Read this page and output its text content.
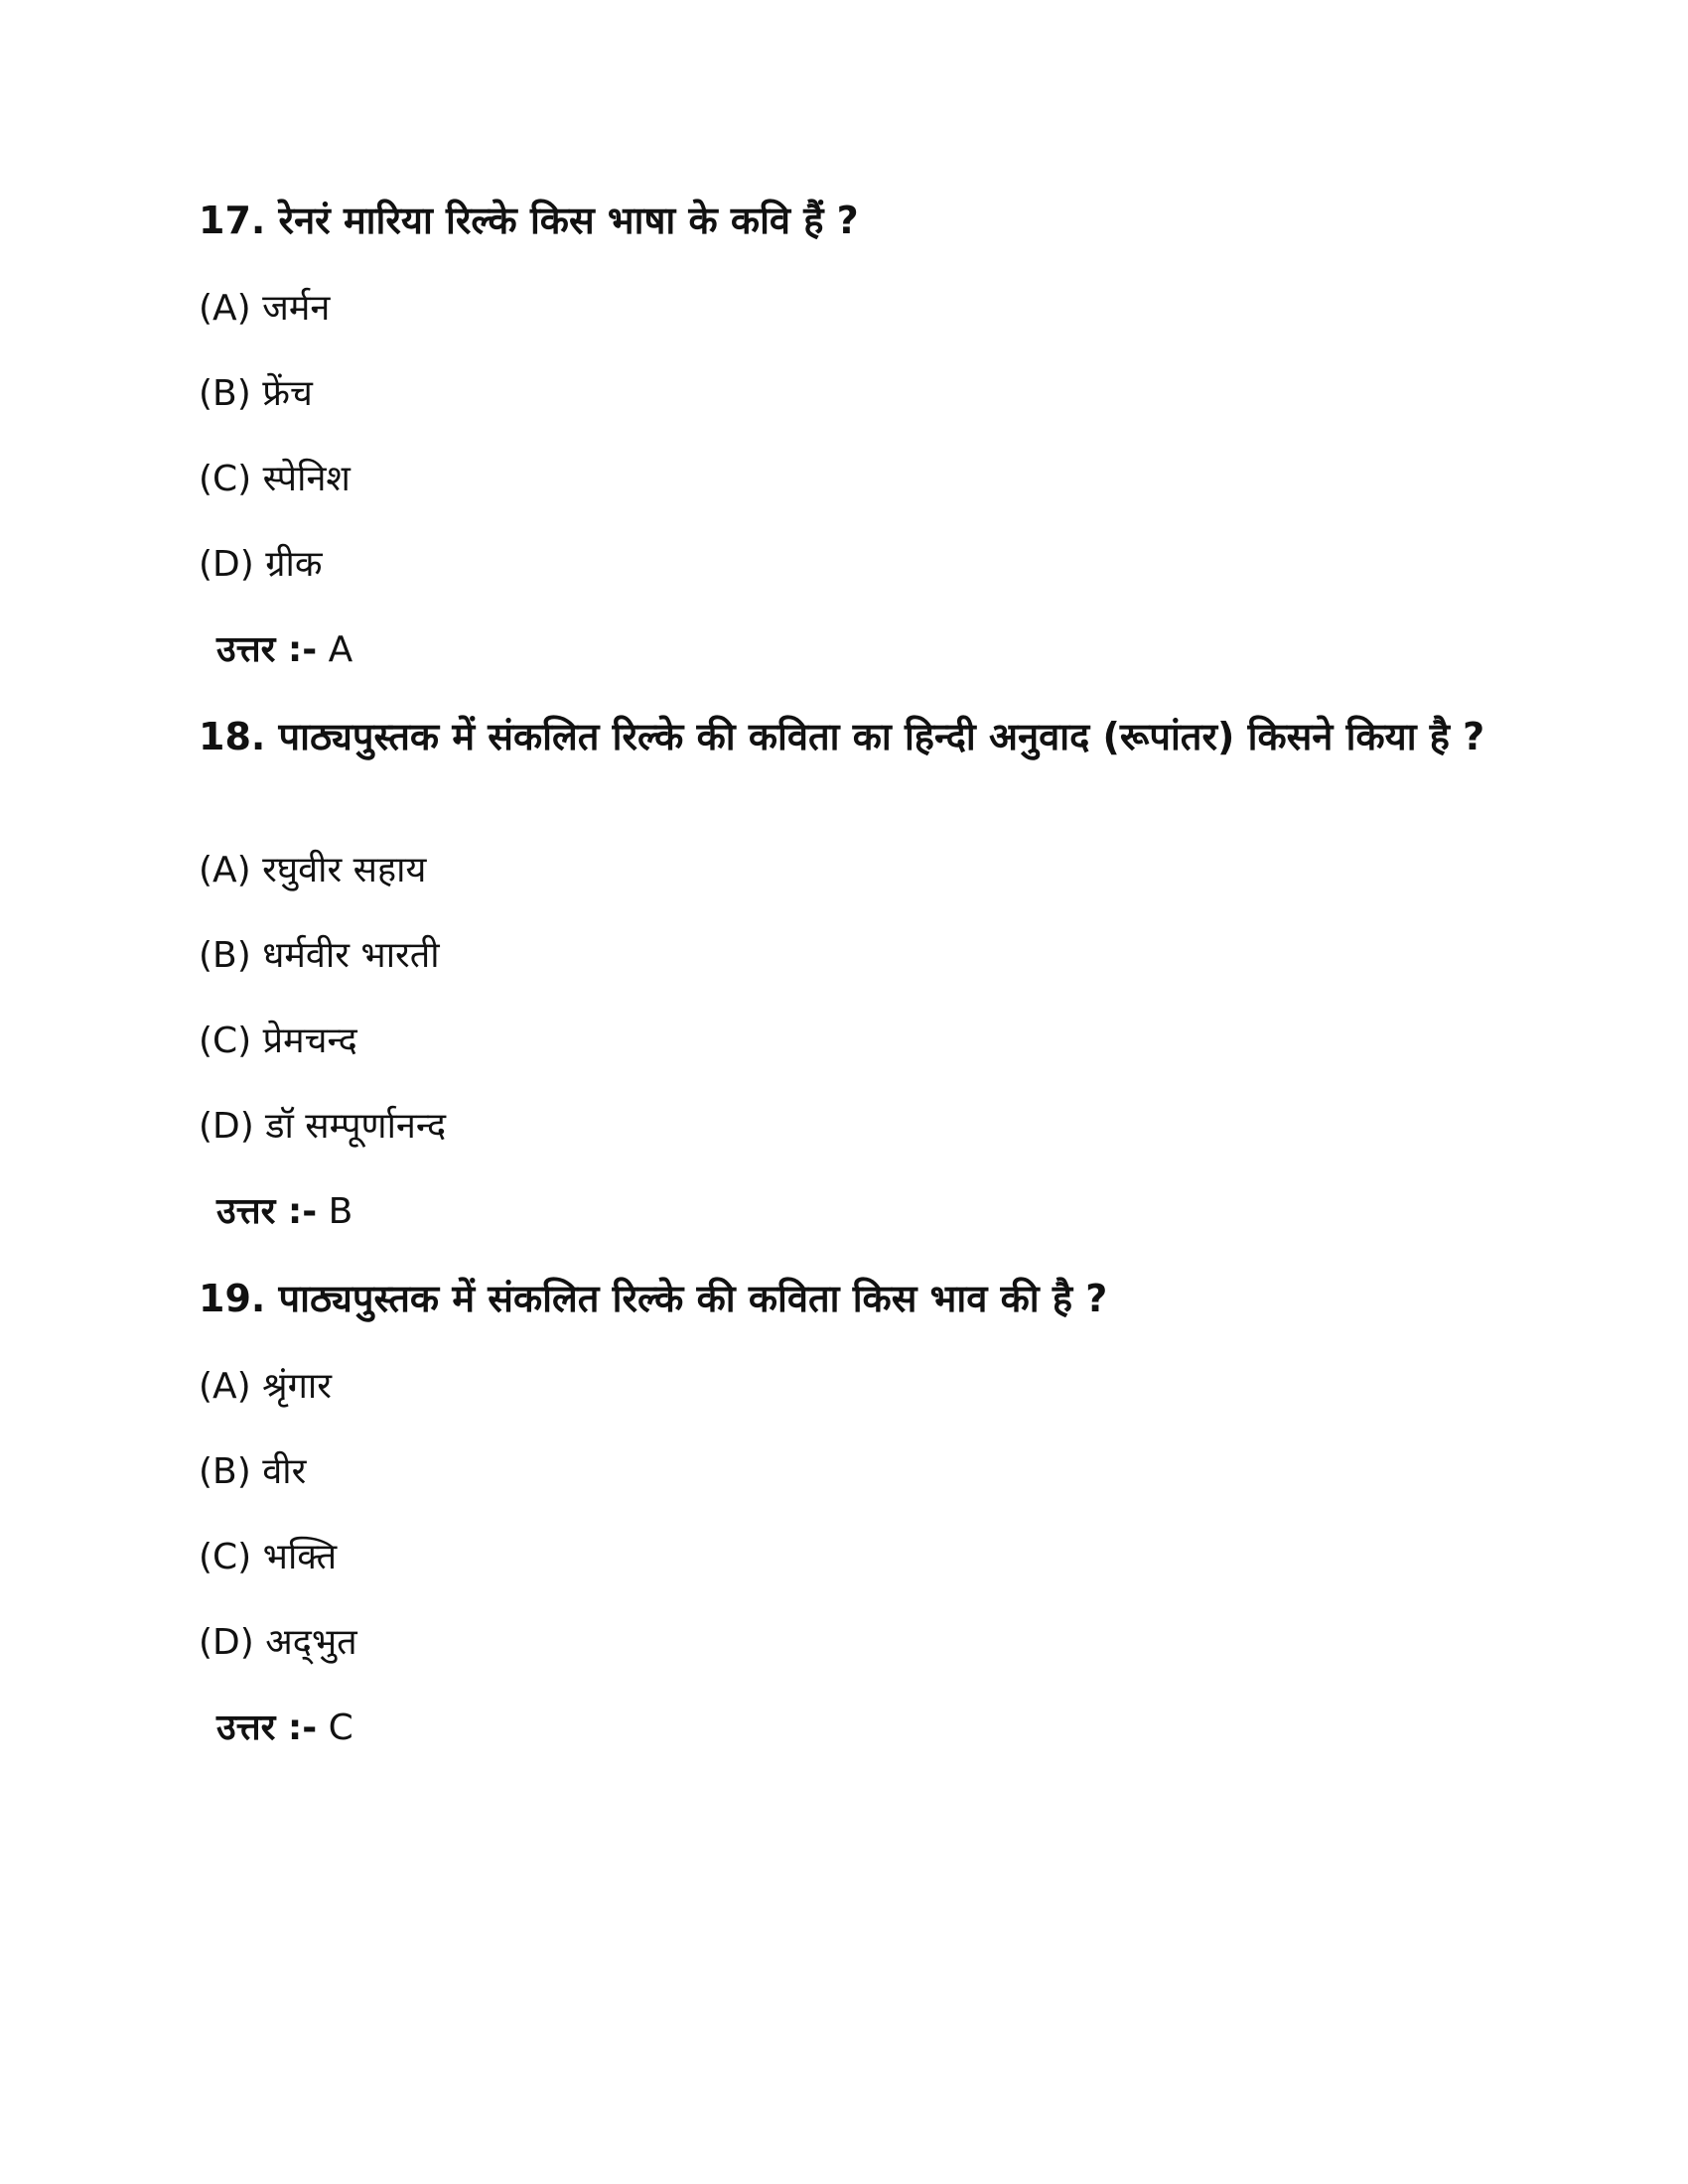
17. रेनरं मारिया रिल्के किस भाषा के कवि हैं ?

(A) जर्मन
(B) फ्रेंच
(C) स्पेनिश
(D) ग्रीक
उत्तर :- A

18. पाठ्यपुस्तक में संकलित रिल्के की कविता का हिन्दी अनुवाद (रूपांतर) किसने किया है ?

(A) रघुवीर सहाय
(B) धर्मवीर भारती
(C) प्रेमचन्द
(D) डॉ सम्पूर्णानन्द
उत्तर :- B

19. पाठ्यपुस्तक में संकलित रिल्के की कविता किस भाव की है ?

(A) श्रृंगार
(B) वीर
(C) भक्ति
(D) अद्‌भुत
उत्तर :- C
